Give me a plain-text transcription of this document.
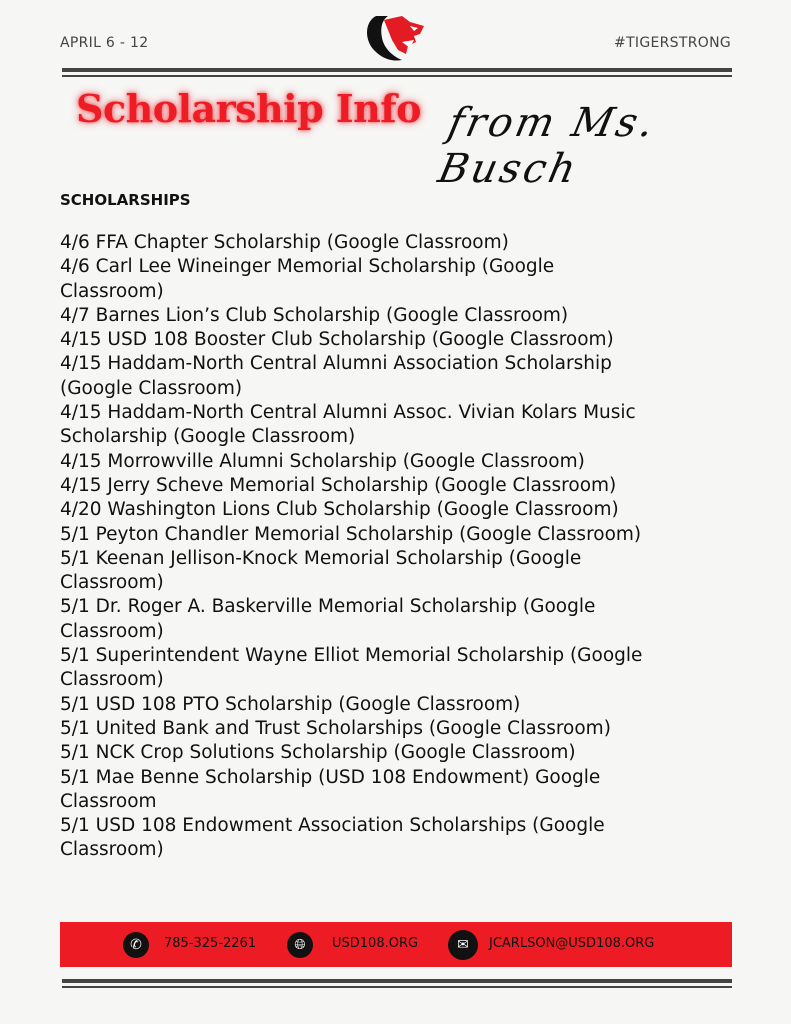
APRIL 6 - 12	#TIGERSTRONG
Scholarship Info from Ms. Busch
SCHOLARSHIPS
4/6 FFA Chapter Scholarship (Google Classroom)
4/6 Carl Lee Wineinger Memorial Scholarship (Google
Classroom)
4/7 Barnes Lion’s Club Scholarship (Google Classroom)
4/15 USD 108 Booster Club Scholarship (Google Classroom)
4/15 Haddam-North Central Alumni Association Scholarship
(Google Classroom)
4/15 Haddam-North Central Alumni Assoc. Vivian Kolars Music
Scholarship (Google Classroom)
4/15 Morrowville Alumni Scholarship (Google Classroom)
4/15 Jerry Scheve Memorial Scholarship (Google Classroom)
4/20 Washington Lions Club Scholarship (Google Classroom)
5/1 Peyton Chandler Memorial Scholarship (Google Classroom)
5/1 Keenan Jellison-Knock Memorial Scholarship (Google
Classroom)
5/1 Dr. Roger A. Baskerville Memorial Scholarship (Google
Classroom)
5/1 Superintendent Wayne Elliot Memorial Scholarship (Google
Classroom)
5/1 USD 108 PTO Scholarship (Google Classroom)
5/1 United Bank and Trust Scholarships (Google Classroom)
5/1 NCK Crop Solutions Scholarship (Google Classroom)
5/1 Mae Benne Scholarship (USD 108 Endowment) Google
Classroom
5/1 USD 108 Endowment Association Scholarships (Google
Classroom)
✆	785-325-2261	🌐︎	USD108.ORG	✉	JCARLSON@USD108.ORG
